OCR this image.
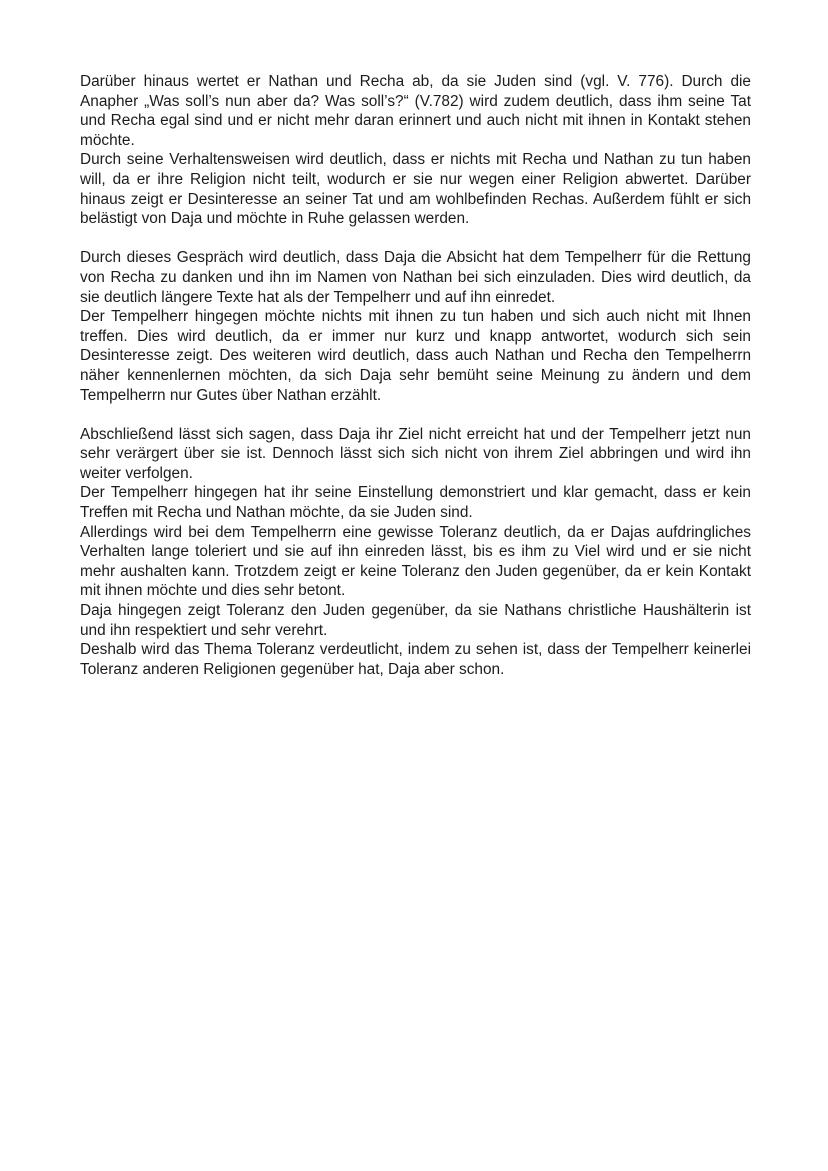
Darüber hinaus wertet er Nathan und Recha ab, da sie Juden sind (vgl. V. 776). Durch die Anapher „Was soll’s nun aber da? Was soll’s?“ (V.782) wird zudem deutlich, dass ihm seine Tat und Recha egal sind und er nicht mehr daran erinnert und auch nicht mit ihnen in Kontakt stehen möchte.

Durch seine Verhaltensweisen wird deutlich, dass er nichts mit Recha und Nathan zu tun haben will, da er ihre Religion nicht teilt, wodurch er sie nur wegen einer Religion abwertet. Darüber hinaus zeigt er Desinteresse an seiner Tat und am wohlbefinden Rechas. Außerdem fühlt er sich belästigt von Daja und möchte in Ruhe gelassen werden.

Durch dieses Gespräch wird deutlich, dass Daja die Absicht hat dem Tempelherr für die Rettung von Recha zu danken und ihn im Namen von Nathan bei sich einzuladen. Dies wird deutlich, da sie deutlich längere Texte hat als der Tempelherr und auf ihn einredet.

Der Tempelherr hingegen möchte nichts mit ihnen zu tun haben und sich auch nicht mit Ihnen treffen. Dies wird deutlich, da er immer nur kurz und knapp antwortet, wodurch sich sein Desinteresse zeigt. Des weiteren wird deutlich, dass auch Nathan und Recha den Tempelherrn näher kennenlernen möchten, da sich Daja sehr bemüht seine Meinung zu ändern und dem Tempelherrn nur Gutes über Nathan erzählt.

Abschließend lässt sich sagen, dass Daja ihr Ziel nicht erreicht hat und der Tempelherr jetzt nun sehr verärgert über sie ist. Dennoch lässt sich sich nicht von ihrem Ziel abbringen und wird ihn weiter verfolgen.

Der Tempelherr hingegen hat ihr seine Einstellung demonstriert und klar gemacht, dass er kein Treffen mit Recha und Nathan möchte, da sie Juden sind.

Allerdings wird bei dem Tempelherrn eine gewisse Toleranz deutlich, da er Dajas aufdringliches Verhalten lange toleriert und sie auf ihn einreden lässt, bis es ihm zu Viel wird und er sie nicht mehr aushalten kann. Trotzdem zeigt er keine Toleranz den Juden gegenüber, da er kein Kontakt mit ihnen möchte und dies sehr betont.

Daja hingegen zeigt Toleranz den Juden gegenüber, da sie Nathans christliche Haushälterin ist und ihn respektiert und sehr verehrt.

Deshalb wird das Thema Toleranz verdeutlicht, indem zu sehen ist, dass der Tempelherr keinerlei Toleranz anderen Religionen gegenüber hat, Daja aber schon.
